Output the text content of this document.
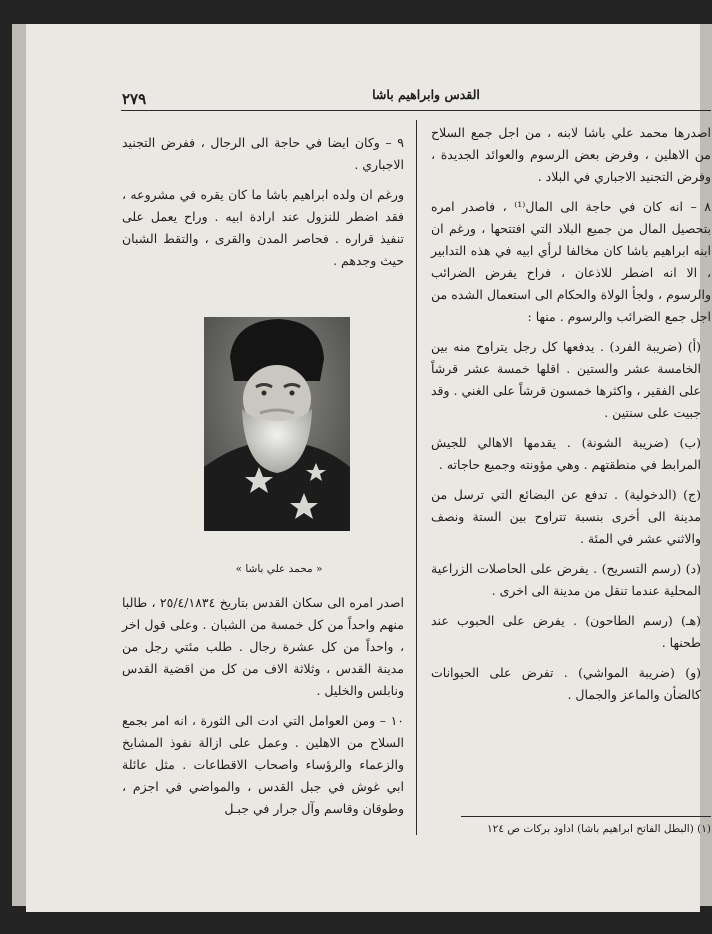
القدس وابراهيم باشا
٢٧٩

اصدرها محمد علي باشا لابنه ، من اجل جمع السلاح من الاهلين ، وفرض بعض الرسوم والعوائد الجديدة ، وفرض التجنيد الاجباري في البلاد .

٨ – انه كان في حاجة الى المال⁽¹⁾ ، فاصدر امره بتحصيل المال من جميع البلاد التي افتتحها ، ورغم ان ابنه ابراهيم باشا كان مخالفا لرأي ابيه في هذه التدابير ، الا انه اضطر للاذعان ، فراح يفرض الضرائب والرسوم ، ولجأ الولاة والحكام الى استعمال الشده من اجل جمع الضرائب والرسوم . منها :

(أ) (ضريبة الفرد) . يدفعها كل رجل يتراوح منه بين الخامسة عشر والستين . اقلها خمسة عشر قرشاً على الفقير ، واكثرها خمسون قرشاً على الغني . وقد جبيت على سنتين .

(ب) (ضريبة الشونة) . يقدمها الاهالي للجيش المرابط في منطقتهم . وهي مؤونته وجميع حاجاته .

(ج) (الدخولية) . تدفع عن البضائع التي ترسل من مدينة الى أخرى بنسبة تتراوح بين الستة ونصف والاثني عشر في المئة .

(د) (رسم التسريح) . يفرض على الحاصلات الزراعية المحلية عندما تنقل من مدينة الى اخرى .

(هـ) (رسم الطاحون) . يفرض على الحبوب عند طحنها .

(و) (ضريبة المواشي) . تفرض على الحيوانات كالضأن والماعز والجمال .

(١) (البطل الفاتح ابراهيم باشا) اداود بركات ص ١٢٤

٩ – وكان ايضا في حاجة الى الرجال ، ففرض التجنيد الاجباري .

ورغم ان ولده ابراهيم باشا ما كان يقره في مشروعه ، فقد اضطر للنزول عند ارادة ابيه . وراح يعمل على تنفيذ قراره . فحاصر المدن والقرى ، والتقط الشبان حيث وجدهم .

« محمد علي باشا »

اصدر امره الى سكان القدس بتاريخ ٢٥/٤/١٨٣٤ ، طالبا منهم واحداً من كل خمسة من الشبان . وعلى قول اخر ، واحداً من كل عشرة رجال . طلب مئتي رجل من مدينة القدس ، وثلاثة الاف من كل من اقضية القدس ونابلس والخليل .

١٠ – ومن العوامل التي ادت الى الثورة ، انه امر بجمع السلاح من الاهلين . وعمل على ازالة نفوذ المشايخ والزعماء والرؤساء واصحاب الاقطاعات . مثل عائلة ابي غوش في جبل القدس ، والمواضي في اجزم ، وطوقان وقاسم وآل جرار في جبـل
